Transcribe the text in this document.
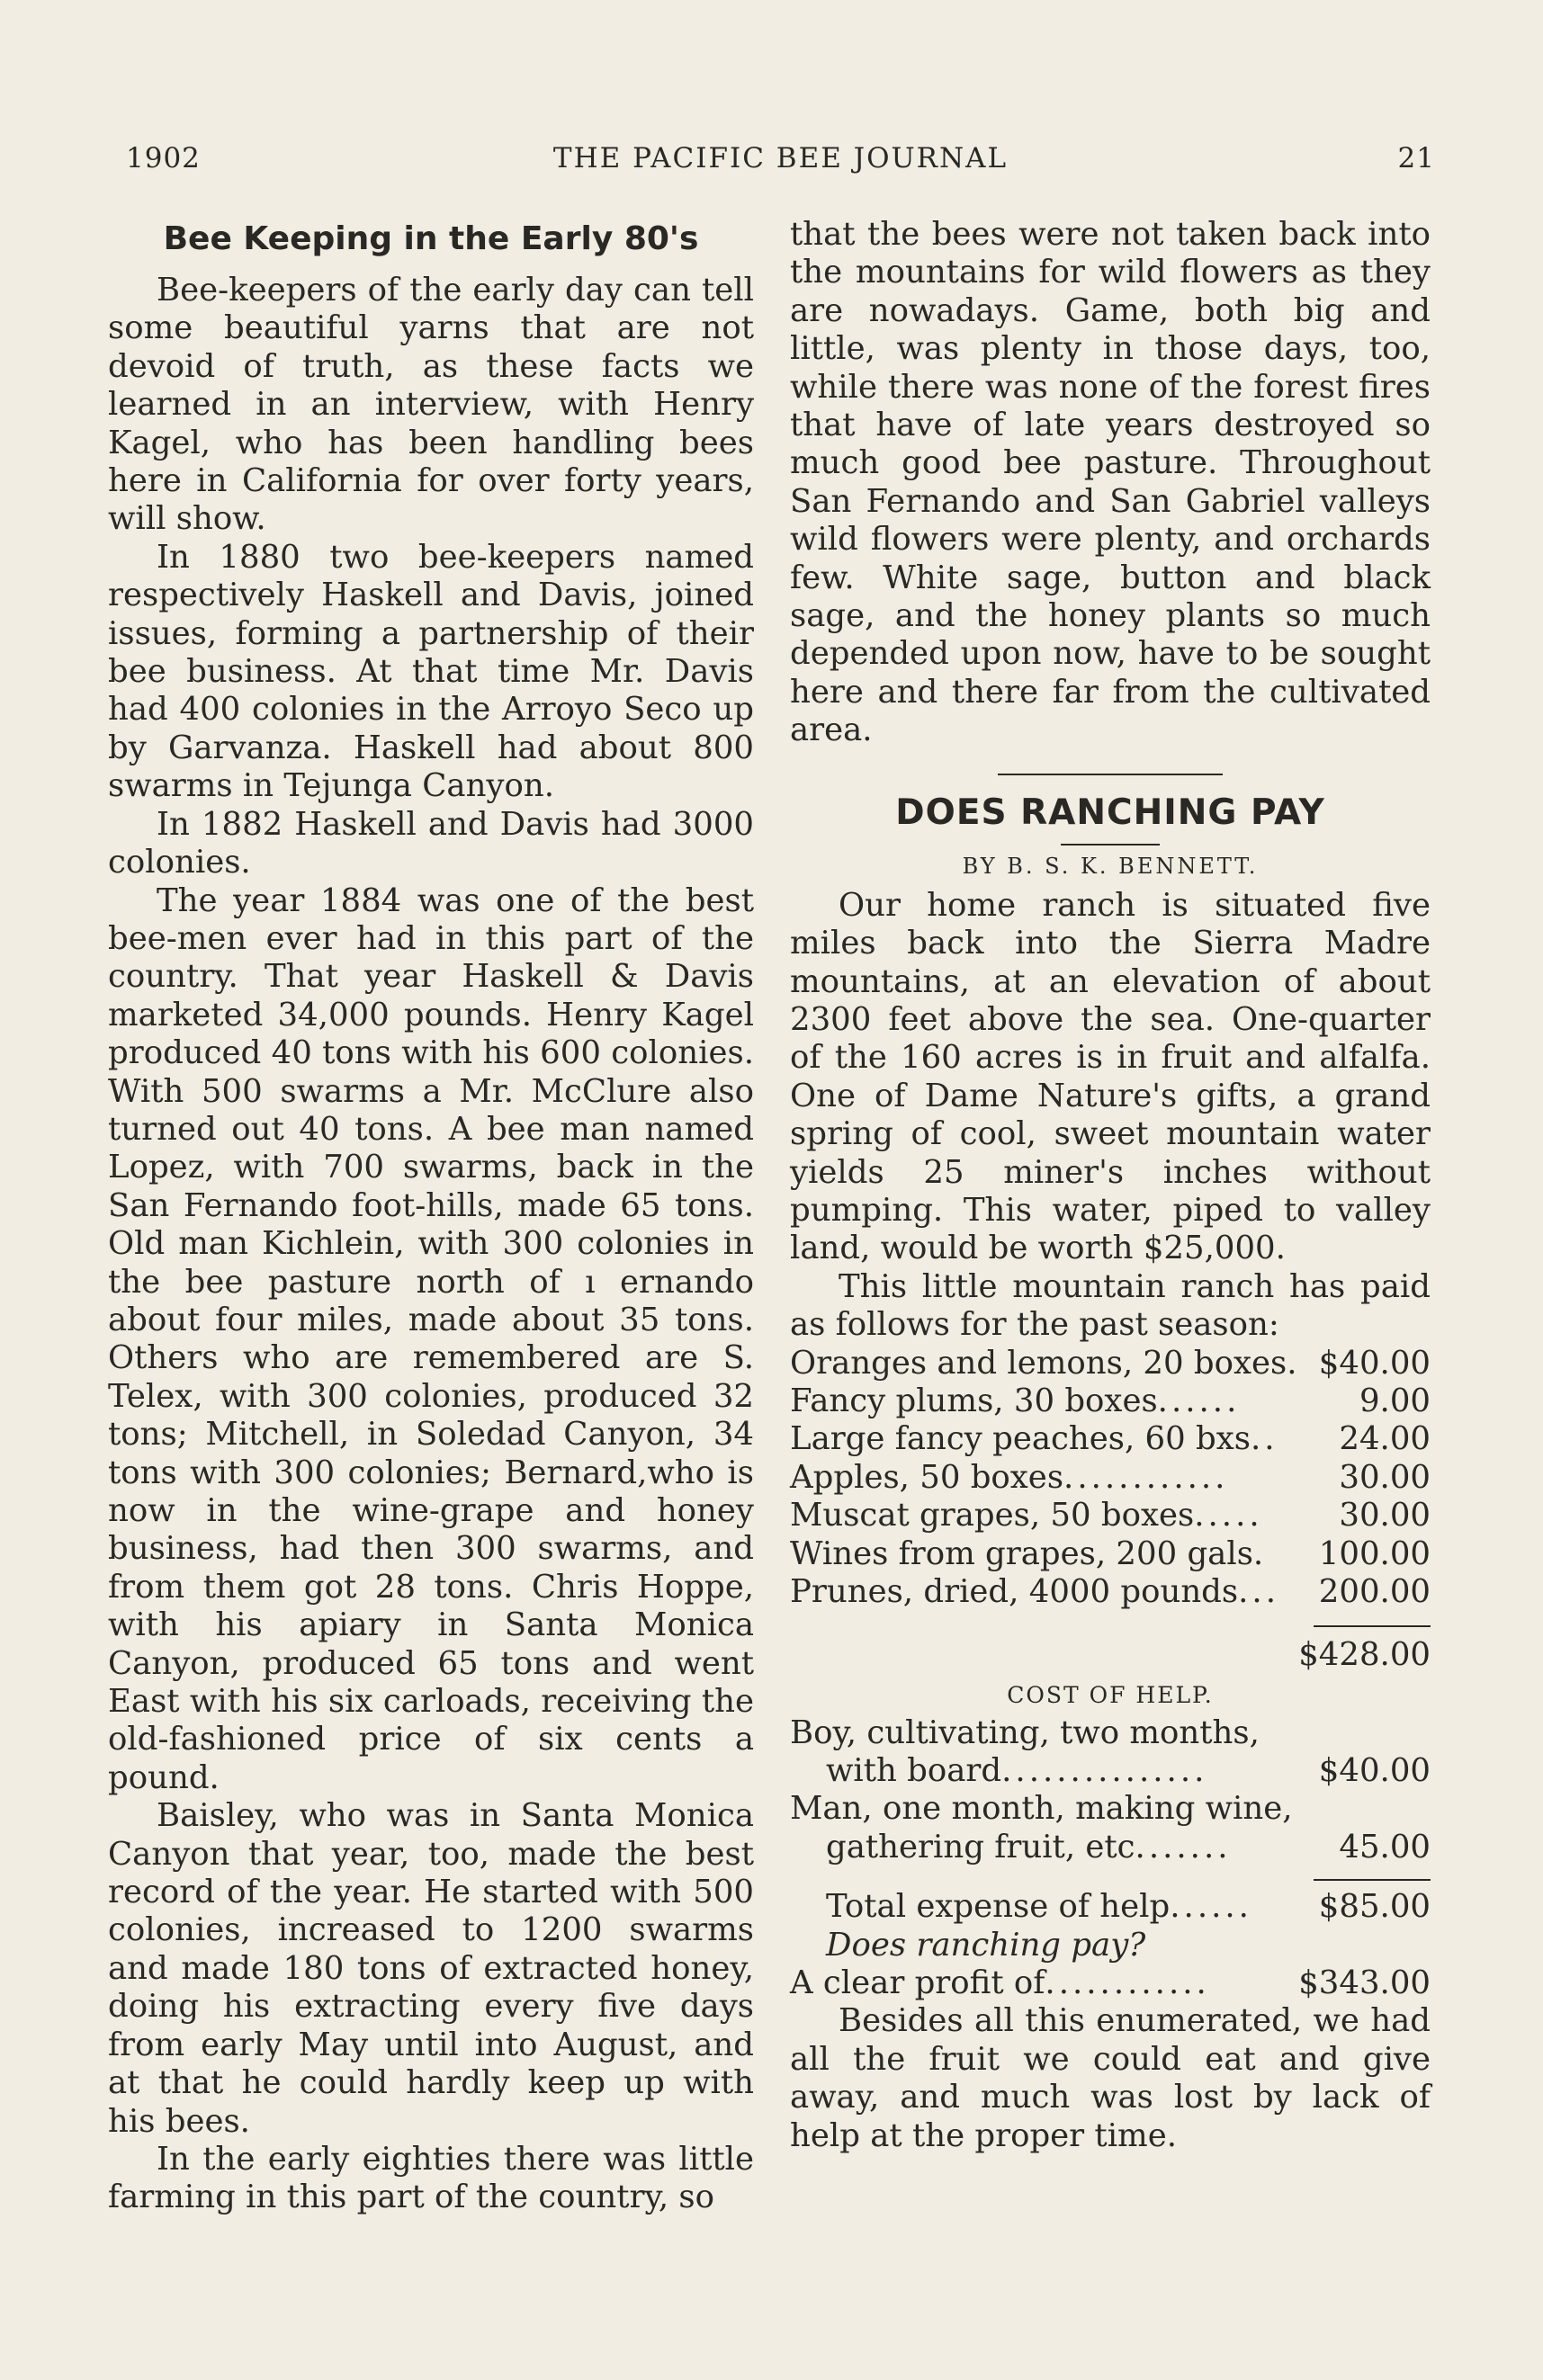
1902	THE PACIFIC BEE JOURNAL	21
Bee Keeping in the Early 80's

Bee-keepers of the early day can tell some beautiful yarns that are not devoid of truth, as these facts we learned in an interview, with Henry Kagel, who has been handling bees here in California for over forty years, will show.

In 1880 two bee-keepers named respectively Haskell and Davis, joined issues, forming a partnership of their bee business. At that time Mr. Davis had 400 colonies in the Arroyo Seco up by Garvanza. Haskell had about 800 swarms in Tejunga Canyon.

In 1882 Haskell and Davis had 3000 colonies.

The year 1884 was one of the best bee-men ever had in this part of the country. That year Haskell & Davis marketed 34,000 pounds. Henry Kagel produced 40 tons with his 600 colonies. With 500 swarms a Mr. McClure also turned out 40 tons. A bee man named Lopez, with 700 swarms, back in the San Fernando foot-hills, made 65 tons. Old man Kichlein, with 300 colonies in the bee pasture north of ı ernando about four miles, made about 35 tons. Others who are remembered are S. Telex, with 300 colonies, produced 32 tons; Mitchell, in Soledad Canyon, 34 tons with 300 colonies; Bernard,who is now in the wine-grape and honey business, had then 300 swarms, and from them got 28 tons. Chris Hoppe, with his apiary in Santa Monica Canyon, produced 65 tons and went East with his six carloads, receiving the old-fashioned price of six cents a pound.

Baisley, who was in Santa Monica Canyon that year, too, made the best record of the year. He started with 500 colonies, increased to 1200 swarms and made 180 tons of extracted honey, doing his extracting every five days from early May until into August, and at that he could hardly keep up with his bees.

In the early eighties there was little farming in this part of the country, so

that the bees were not taken back into the mountains for wild flowers as they are nowadays. Game, both big and little, was plenty in those days, too, while there was none of the forest fires that have of late years destroyed so much good bee pasture. Throughout San Fernando and San Gabriel valleys wild flowers were plenty, and orchards few. White sage, button and black sage, and the honey plants so much depended upon now, have to be sought here and there far from the cultivated area.

DOES RANCHING PAY
BY B. S. K. BENNETT.

Our home ranch is situated five miles back into the Sierra Madre mountains, at an elevation of about 2300 feet above the sea. One-quarter of the 160 acres is in fruit and alfalfa. One of Dame Nature's gifts, a grand spring of cool, sweet mountain water yields 25 miner's inches without pumping. This water, piped to valley land, would be worth $25,000.

This little mountain ranch has paid as follows for the past season:

Oranges and lemons, 20 boxes . $40.00
Fancy plums, 30 boxes ......	9.00
Large fancy peaches, 60 bxs ..	24.00
Apples, 50 boxes ............	30.00
Muscat grapes, 50 boxes .....	30.00
Wines from grapes, 200 gals .	100.00
Prunes, dried, 4000 pounds ...	200.00
$428.00
COST OF HELP.
Boy, cultivating, two months,
with board ...............	$40.00
Man, one month, making wine,
gathering fruit, etc .......	45.00
Total expense of help ......	$85.00
Does ranching pay?
A clear profit of ............	$343.00

Besides all this enumerated, we had all the fruit we could eat and give away, and much was lost by lack of help at the proper time.
